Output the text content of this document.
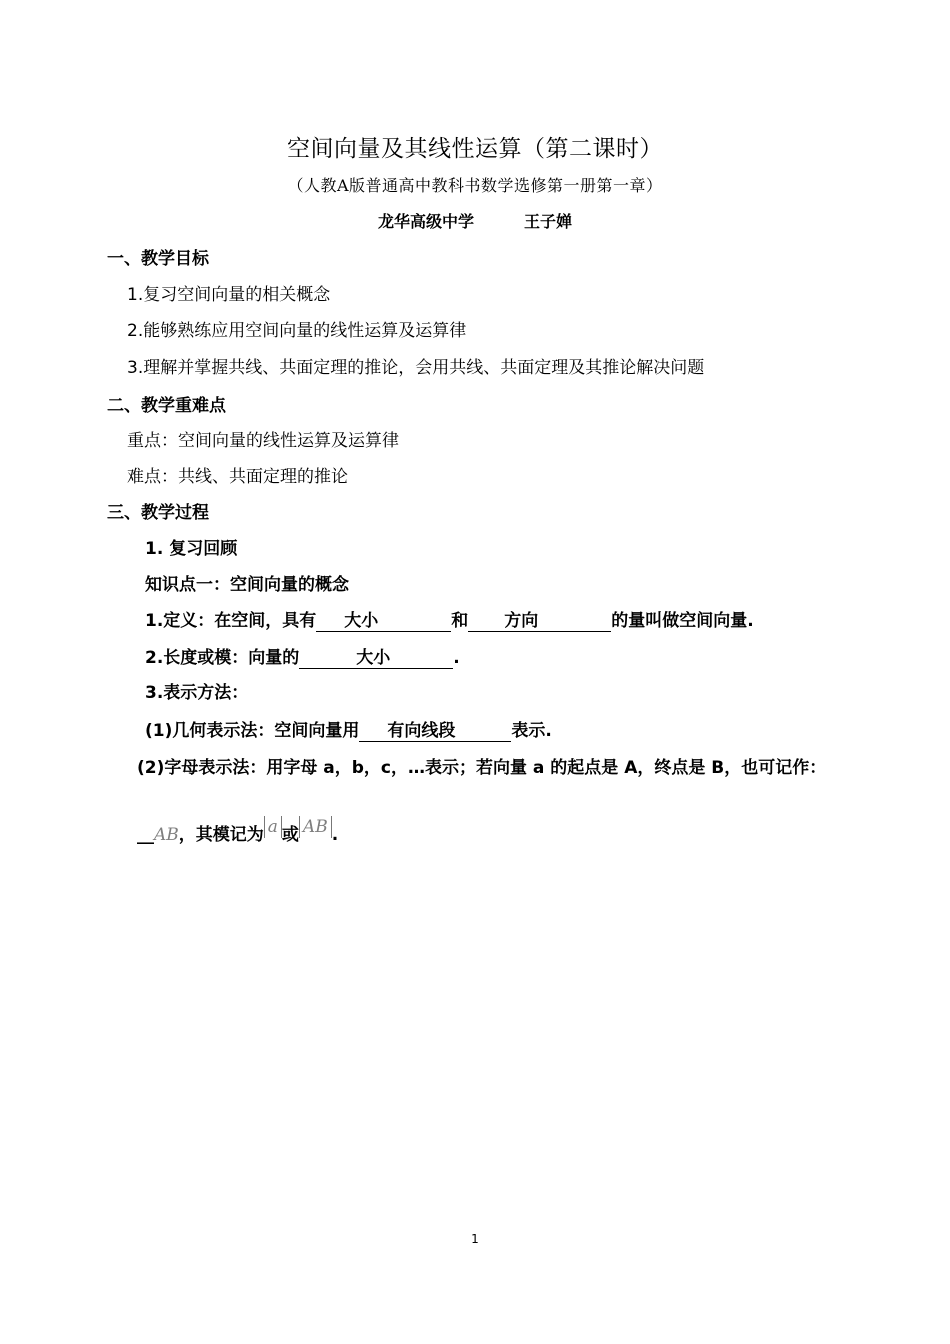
空间向量及其线性运算（第二课时）
（人教A版普通高中教科书数学选修第一册第一章）
龙华高级中学	王子婵
一、教学目标
1.复习空间向量的相关概念
2.能够熟练应用空间向量的线性运算及运算律
3.理解并掌握共线、共面定理的推论，会用共线、共面定理及其推论解决问题
二、教学重难点
重点：空间向量的线性运算及运算律
难点：共线、共面定理的推论
三、教学过程
1. 复习回顾
知识点一：空间向量的概念
1.定义：在空间，具有 大小	和 方向	的量叫做空间向量.
2.长度或模：向量的	大小	.
3.表示方法：
(1)几何表示法：空间向量用 有向线段	表示.
(2)字母表示法：用字母 a，b，c，…表示；若向量 a 的起点是 A，终点是 B，也可记作：
__AB，其模记为 a 或 AB .
1
